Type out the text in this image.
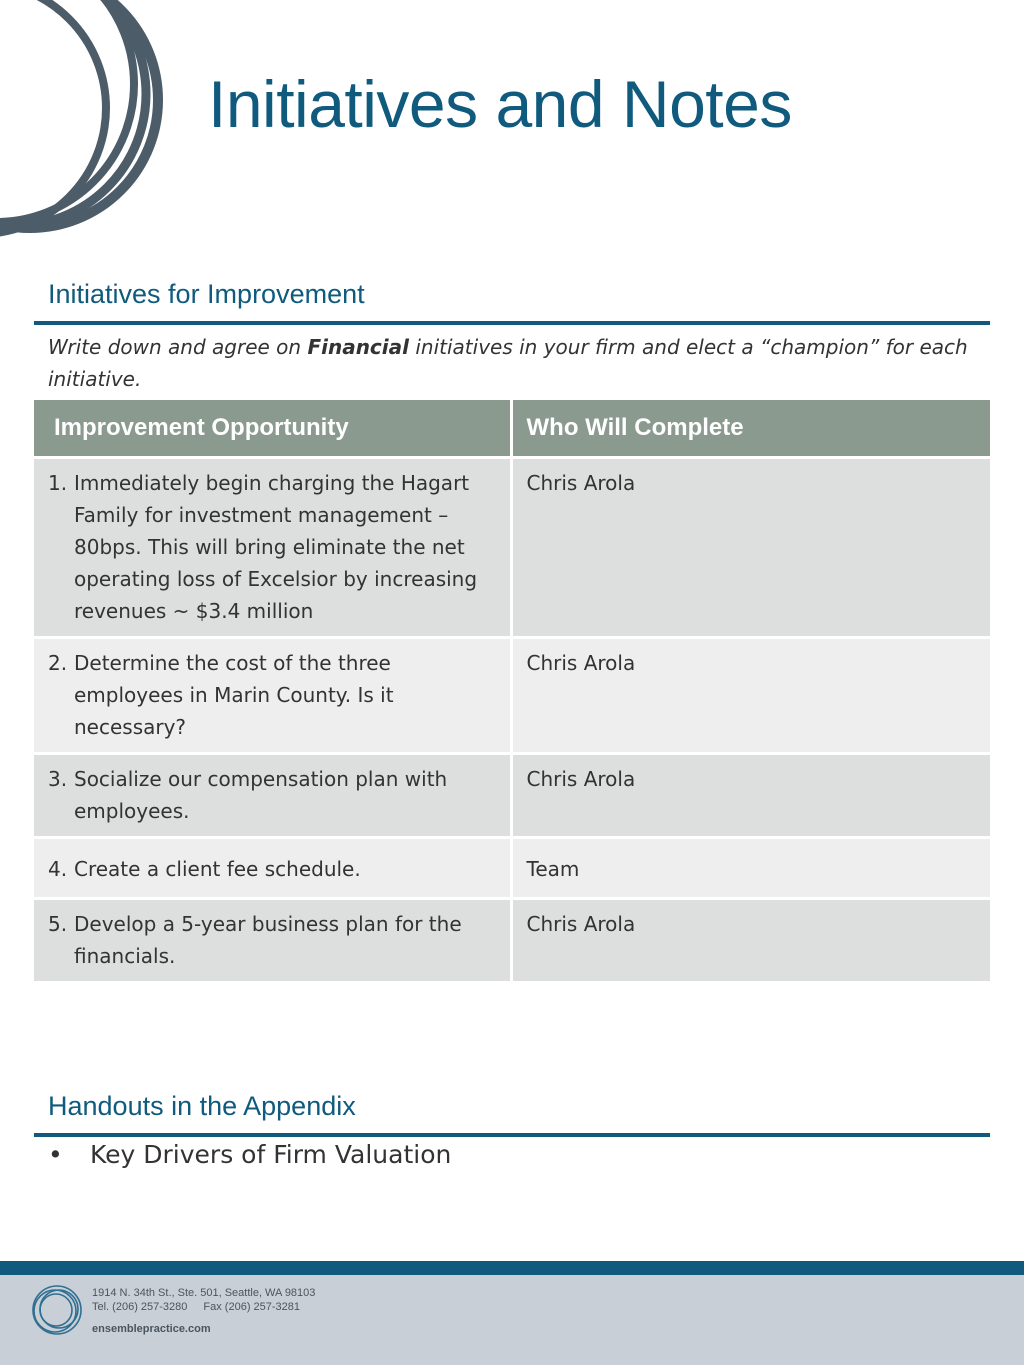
Initiatives and Notes
Initiatives for Improvement
Write down and agree on Financial initiatives in your firm and elect a “champion” for each initiative.
Improvement Opportunity	Who Will Complete

1. Immediately begin charging the Hagart Family for investment management – 80bps. This will bring eliminate the net operating loss of Excelsior by increasing revenues ~ $3.4 million	Chris Arola

2. Determine the cost of the three employees in Marin County. Is it necessary?	Chris Arola

3. Socialize our compensation plan with employees.	Chris Arola

4. Create a client fee schedule.	Team

5. Develop a 5-year business plan for the financials.	Chris Arola
Handouts in the Appendix
•	Key Drivers of Firm Valuation
1914 N. 34th St., Ste. 501, Seattle, WA 98103
Tel. (206) 257-3280 Fax (206) 257-3281
ensemblepractice.com
